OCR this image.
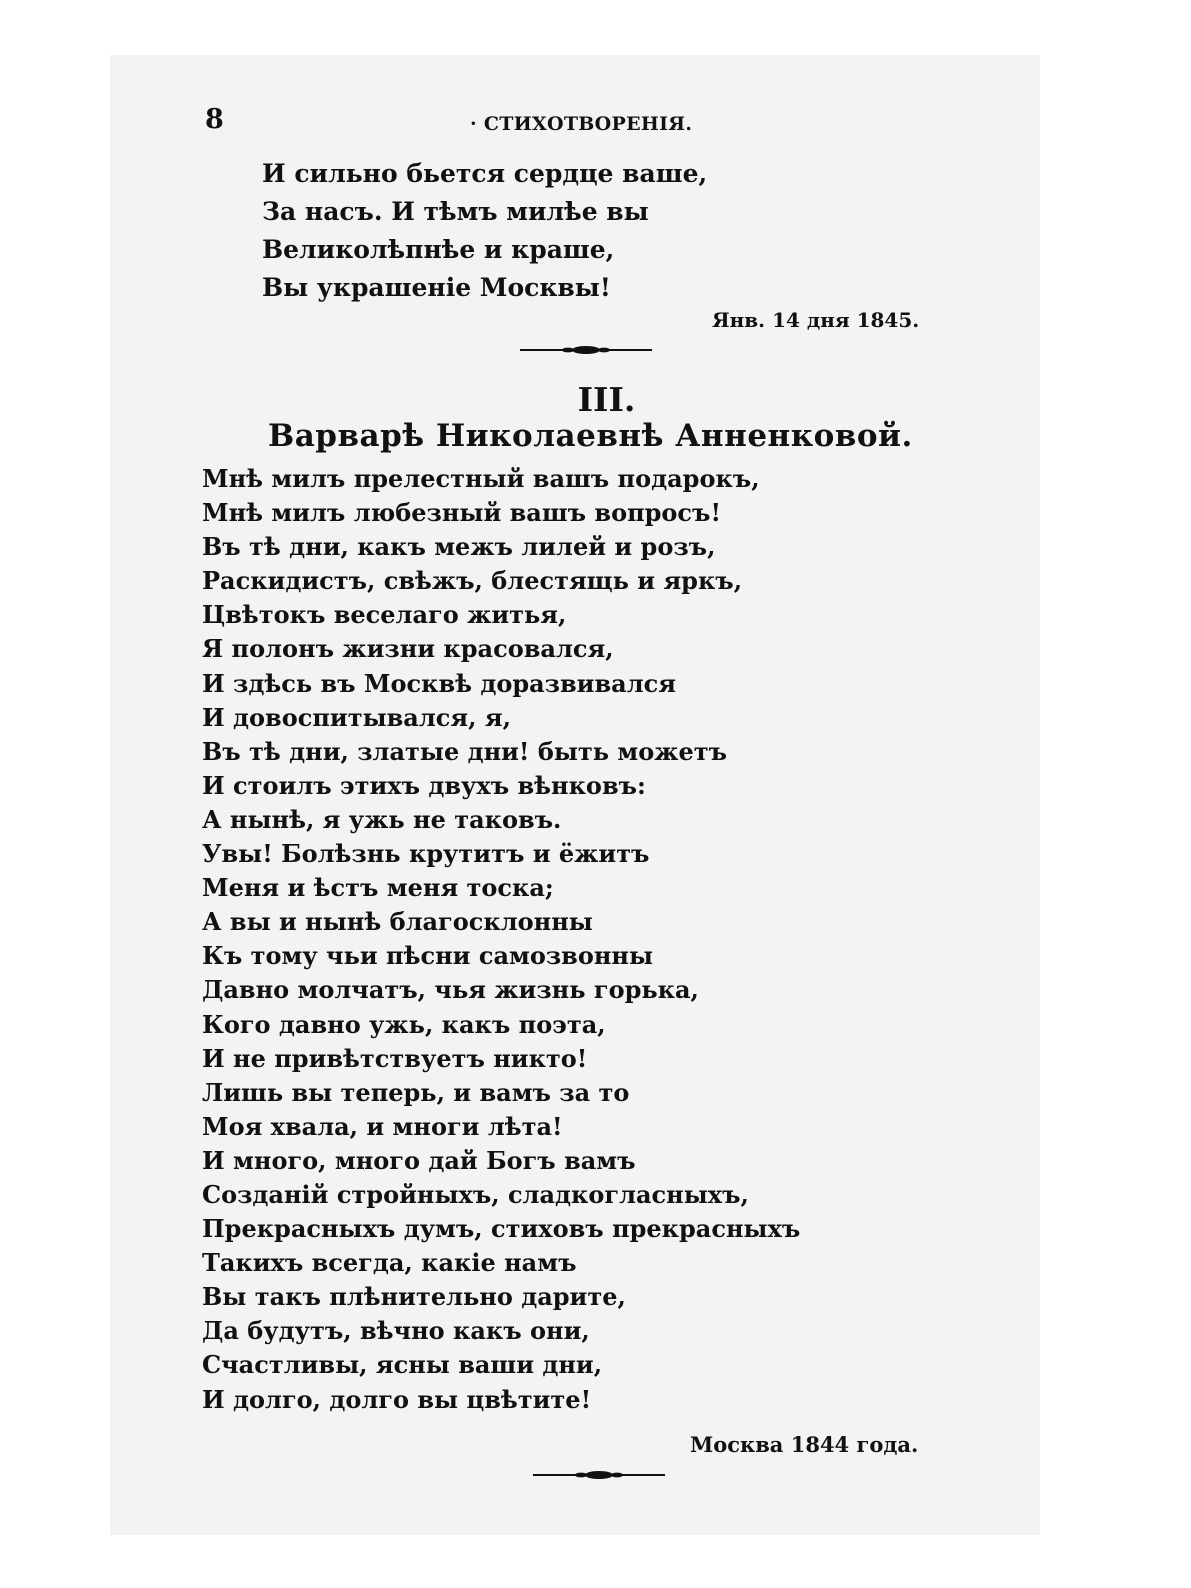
8	· СТИХОТВОРЕНІЯ.
И сильно бьется сердце ваше,
За насъ. И тѣмъ милѣе вы
Великолѣпнѣе и краше,
Вы украшеніе Москвы!
Янв. 14 дня 1845.
III.
Варварѣ Николаевнѣ Анненковой.
Мнѣ милъ прелестный вашъ подарокъ,
Мнѣ милъ любезный вашъ вопросъ!
Въ тѣ дни, какъ межъ лилей и розъ,
Раскидистъ, свѣжъ, блестящь и яркъ,
Цвѣтокъ веселаго житья,
Я полонъ жизни красовался,
И здѣсь въ Москвѣ доразвивался
И довоспитывался, я,
Въ тѣ дни, златые дни! быть можетъ
И стоилъ этихъ двухъ вѣнковъ:
А нынѣ, я ужь не таковъ.
Увы! Болѣзнь крутитъ и ёжитъ
Меня и ѣстъ меня тоска;
А вы и нынѣ благосклонны
Къ тому чьи пѣсни самозвонны
Давно молчатъ, чья жизнь горька,
Кого давно ужь, какъ поэта,
И не привѣтствуетъ никто!
Лишь вы теперь, и вамъ за то
Моя хвала, и многи лѣта!
И много, много дай Богъ вамъ
Созданій стройныхъ, сладкогласныхъ,
Прекрасныхъ думъ, стиховъ прекрасныхъ
Такихъ всегда, какіе намъ
Вы такъ плѣнительно дарите,
Да будутъ, вѣчно какъ они,
Счастливы, ясны ваши дни,
И долго, долго вы цвѣтите!
Москва 1844 года.
